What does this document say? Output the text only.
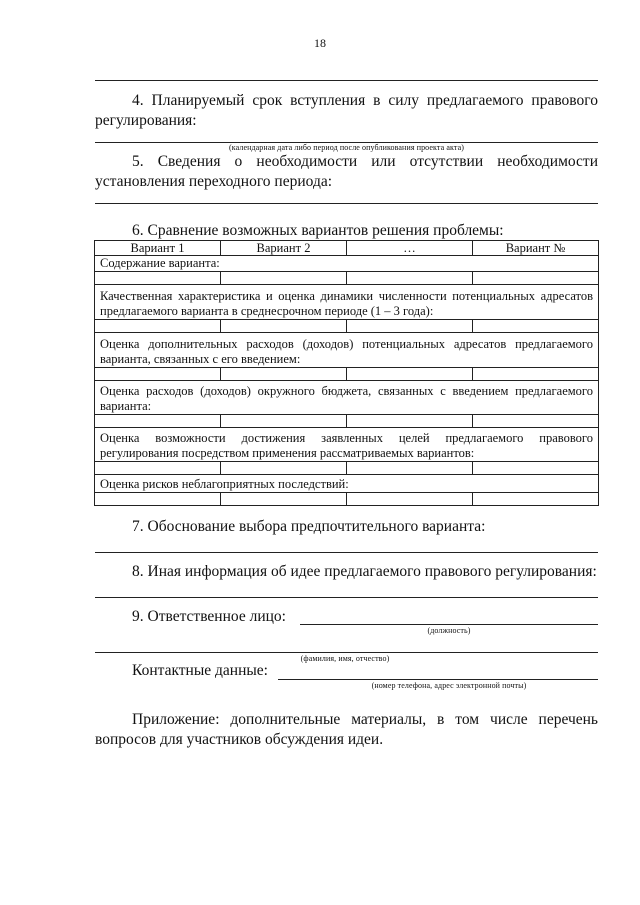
18
4. Планируемый срок вступления в силу предлагаемого правового
регулирования:
(календарная дата либо период после опубликования проекта акта)
5. Сведения о необходимости или отсутствии необходимости
установления переходного периода:
6. Сравнение возможных вариантов решения проблемы:
Вариант 1	Вариант 2	…	Вариант №
Содержание варианта:			

Качественная характеристика и оценка динамики численности потенциальных адресатов предлагаемого варианта в среднесрочном периоде (1 – 3 года):			

Оценка дополнительных расходов (доходов) потенциальных адресатов предлагаемого варианта, связанных с его введением:			

Оценка расходов (доходов) окружного бюджета, связанных с введением предлагаемого варианта:			

Оценка возможности достижения заявленных целей предлагаемого правового регулирования посредством применения рассматриваемых вариантов:			

Оценка рисков неблагоприятных последствий:			

7. Обоснование выбора предпочтительного варианта:
8. Иная информация об идее предлагаемого правового регулирования:
9. Ответственное лицо:
(должность)
(фамилия, имя, отчество)
Контактные данные:
(номер телефона, адрес электронной почты)
Приложение: дополнительные материалы, в том числе перечень
вопросов для участников обсуждения идеи.
